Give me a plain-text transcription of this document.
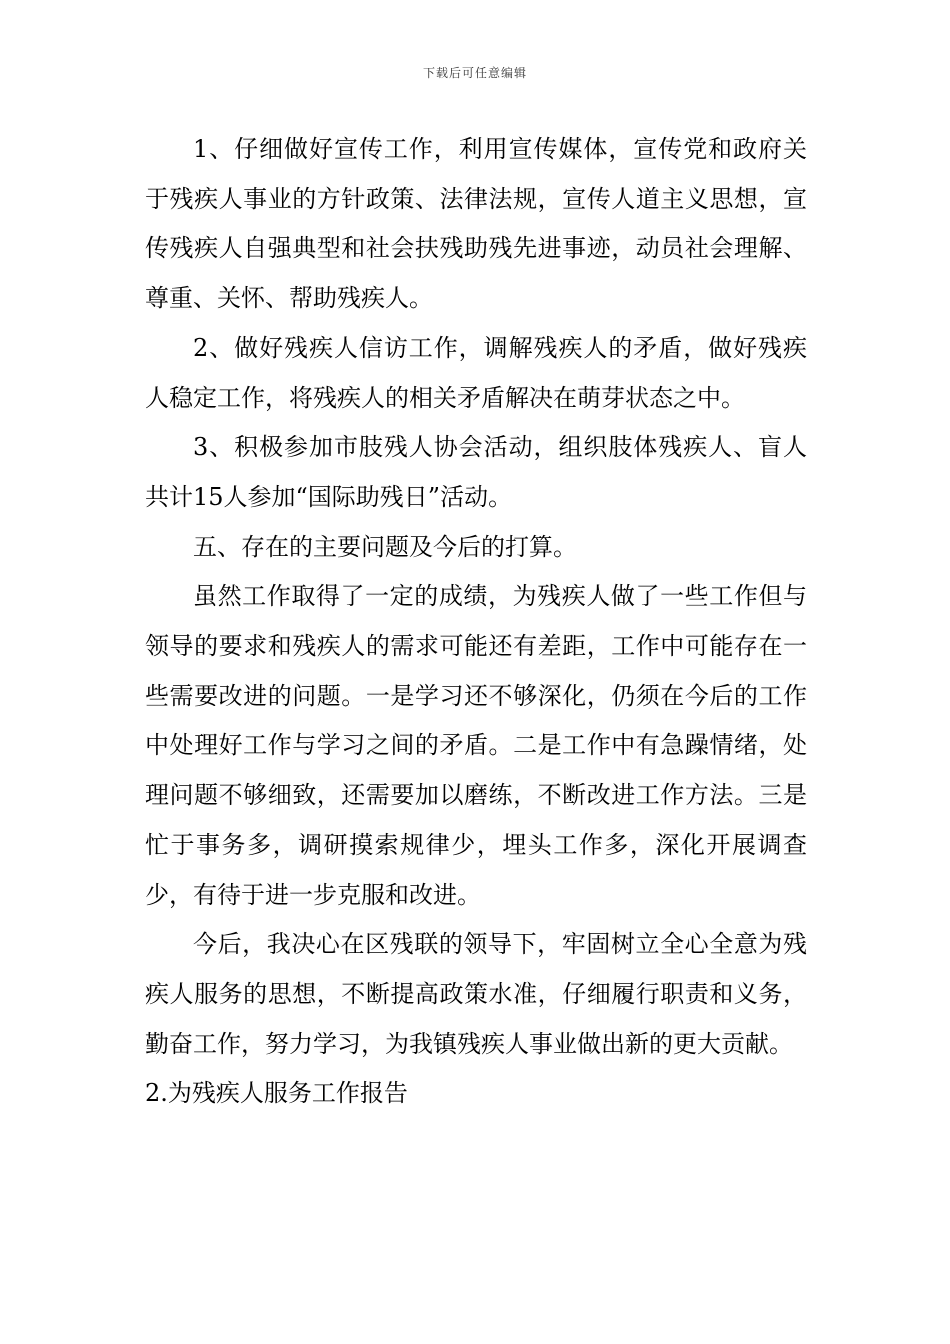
下载后可任意编辑

1、仔细做好宣传工作，利用宣传媒体，宣传党和政府关于残疾人事业的方针政策、法律法规，宣传人道主义思想，宣传残疾人自强典型和社会扶残助残先进事迹，动员社会理解、尊重、关怀、帮助残疾人。

2、做好残疾人信访工作，调解残疾人的矛盾，做好残疾人稳定工作，将残疾人的相关矛盾解决在萌芽状态之中。

3、积极参加市肢残人协会活动，组织肢体残疾人、盲人共计15人参加“国际助残日”活动。

五、存在的主要问题及今后的打算。

虽然工作取得了一定的成绩，为残疾人做了一些工作但与领导的要求和残疾人的需求可能还有差距，工作中可能存在一些需要改进的问题。一是学习还不够深化，仍须在今后的工作中处理好工作与学习之间的矛盾。二是工作中有急躁情绪，处理问题不够细致，还需要加以磨练，不断改进工作方法。三是忙于事务多，调研摸索规律少，埋头工作多，深化开展调查少，有待于进一步克服和改进。

今后，我决心在区残联的领导下，牢固树立全心全意为残疾人服务的思想，不断提高政策水准，仔细履行职责和义务，勤奋工作，努力学习，为我镇残疾人事业做出新的更大贡献。

2.为残疾人服务工作报告
